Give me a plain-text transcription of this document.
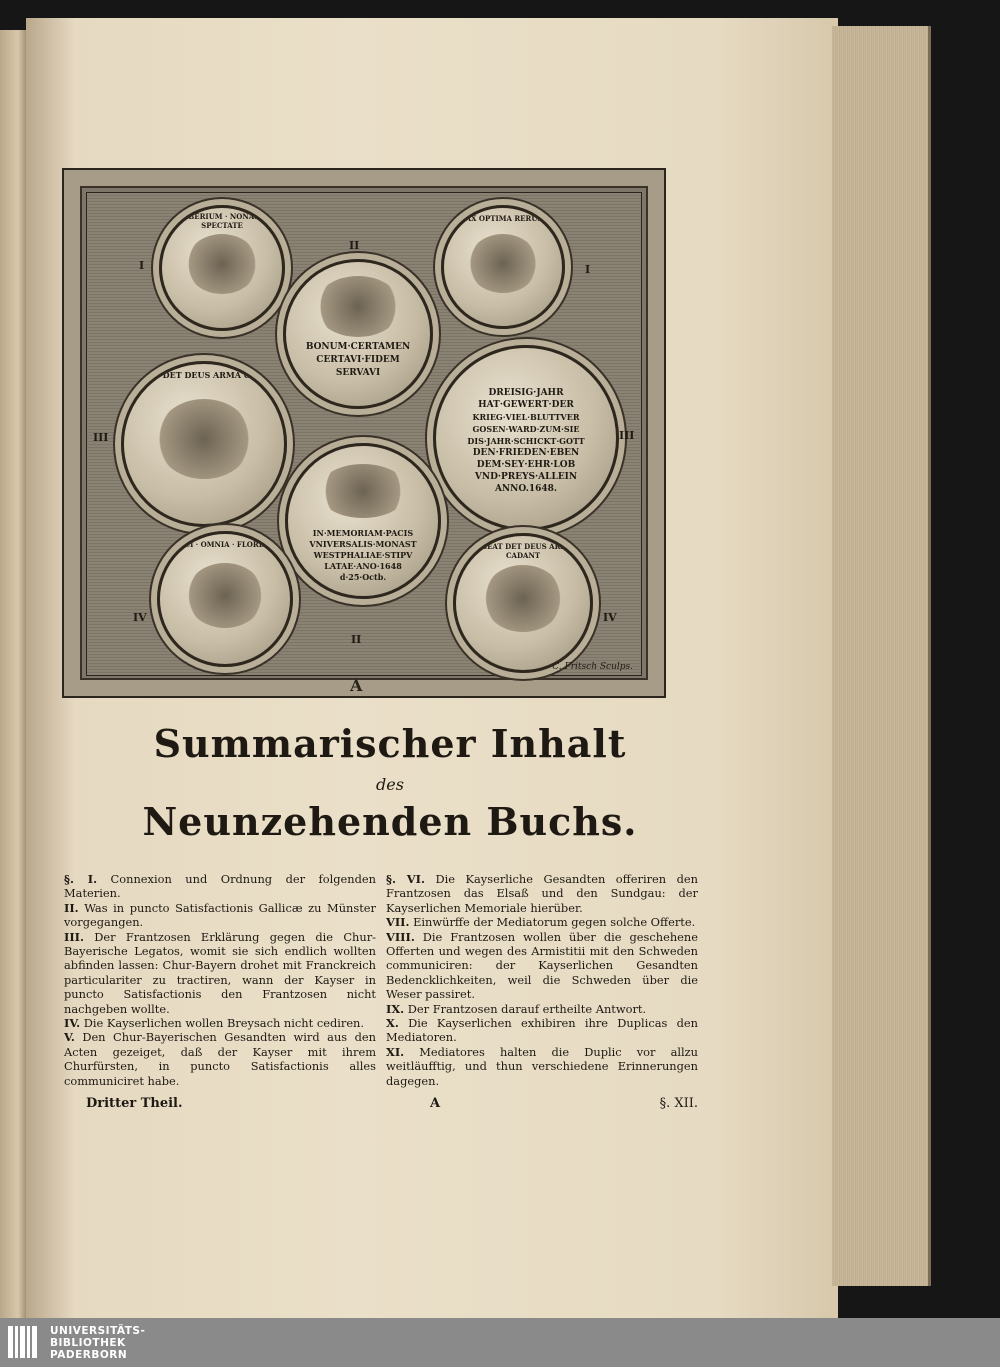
TIBERIUM · NONAS · SPECTATE
I
BONUM·CERTAMEN
CERTAVI·FIDEM
SERVAVI
II
PAX OPTIMA RERUM
I
VIGEAT DET DEUS ARMA CADANT
III
DREISIG·JAHR
HAT·GEWERT·DER
KRIEG·VIEL·BLUTTVER
GOSEN·WARD·ZUM·SIE
DIS·JAHR·SCHICKT·GOTT
DEN·FRIEDEN·EBEN
DEM·SEY·EHR·LOB
VND·PREYS·ALLEIN
ANNO.1648.
III
IN·MEMORIAM·PACIS
VNIVERSALIS·MONAST
WESTPHALIAE·STIPV
LATAE·ANO·1648
d·25·Octb.
II
PACI · OMNIA · FLORENT
IV
VIGEAT DET DEUS ARMA CADANT
IV
C. Fritsch Sculps.
A
Summarischer Inhalt
des
Neunzehenden Buchs.
§. I. Connexion und Ordnung der folgenden Materien.
II. Was in puncto Satisfactionis Gallicæ zu Münster vorgegangen.
III. Der Frantzosen Erklärung gegen die Chur-Bayerische Legatos, womit sie sich endlich wollten abfinden lassen: Chur-Bayern drohet mit Franckreich particulariter zu tractiren, wann der Kayser in puncto Satisfactionis den Frantzosen nicht nachgeben wollte.
IV. Die Kayserlichen wollen Breysach nicht cediren.
V. Den Chur-Bayerischen Gesandten wird aus den Acten gezeiget, daß der Kayser mit ihrem Churfürsten, in puncto Satisfactionis alles communiciret habe.
§. VI. Die Kayserliche Gesandten offeriren den Frantzosen das Elsaß und den Sundgau: der Kayserlichen Memoriale hierüber.
VII. Einwürffe der Mediatorum gegen solche Offerte.
VIII. Die Frantzosen wollen über die geschehene Offerten und wegen des Armistitii mit den Schweden communiciren: der Kayserlichen Gesandten Bedencklichkeiten, weil die Schweden über die Weser passiret.
IX. Der Frantzosen darauf ertheilte Antwort.
X. Die Kayserlichen exhibiren ihre Duplicas den Mediatoren.
XI. Mediatores halten die Duplic vor allzu weitläufftig, und thun verschiedene Erinnerungen dagegen.
Dritter Theil.	A	§. XII.
UNIVERSITÄTS-
BIBLIOTHEK
PADERBORN
